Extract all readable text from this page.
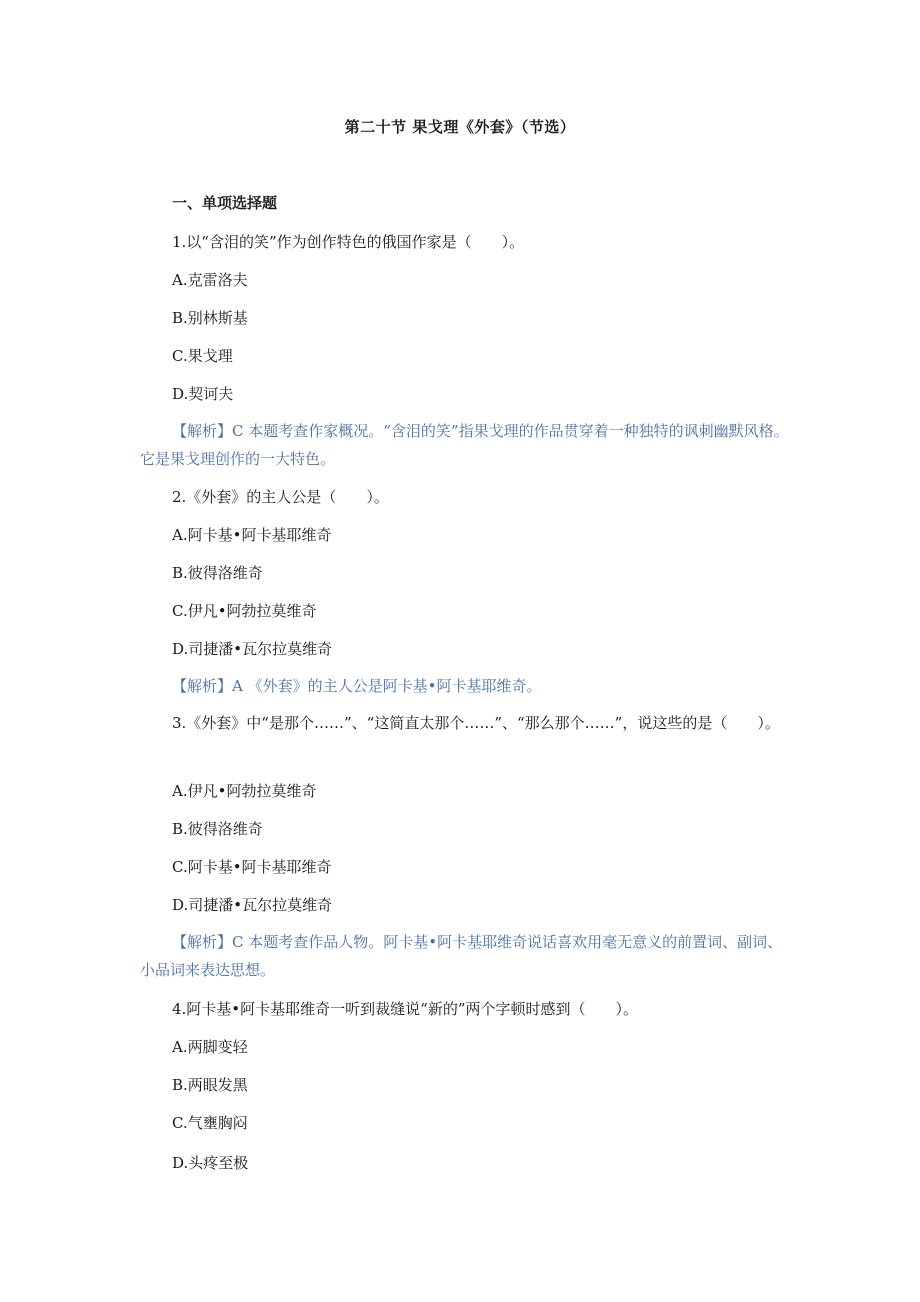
第二十节 果戈理《外套》（节选）
一、单项选择题
1.以“含泪的笑”作为创作特色的俄国作家是（　　）。
A.克雷洛夫
B.别林斯基
C.果戈理
D.契诃夫
【解析】C 本题考查作家概况。“含泪的笑”指果戈理的作品贯穿着一种独特的讽刺幽默风格。它是果戈理创作的一大特色。
2.《外套》的主人公是（　　）。
A.阿卡基•阿卡基耶维奇
B.彼得洛维奇
C.伊凡•阿勃拉莫维奇
D.司捷潘•瓦尔拉莫维奇
【解析】A 《外套》的主人公是阿卡基•阿卡基耶维奇。
3.《外套》中“是那个……”、“这简直太那个……”、“那么那个……”，说这些的是（　　）。
A.伊凡•阿勃拉莫维奇
B.彼得洛维奇
C.阿卡基•阿卡基耶维奇
D.司捷潘•瓦尔拉莫维奇
【解析】C 本题考查作品人物。阿卡基•阿卡基耶维奇说话喜欢用毫无意义的前置词、副词、小品词来表达思想。
4.阿卡基•阿卡基耶维奇一听到裁缝说“新的”两个字顿时感到（　　）。
A.两脚变轻
B.两眼发黑
C.气壅胸闷
D.头疼至极
